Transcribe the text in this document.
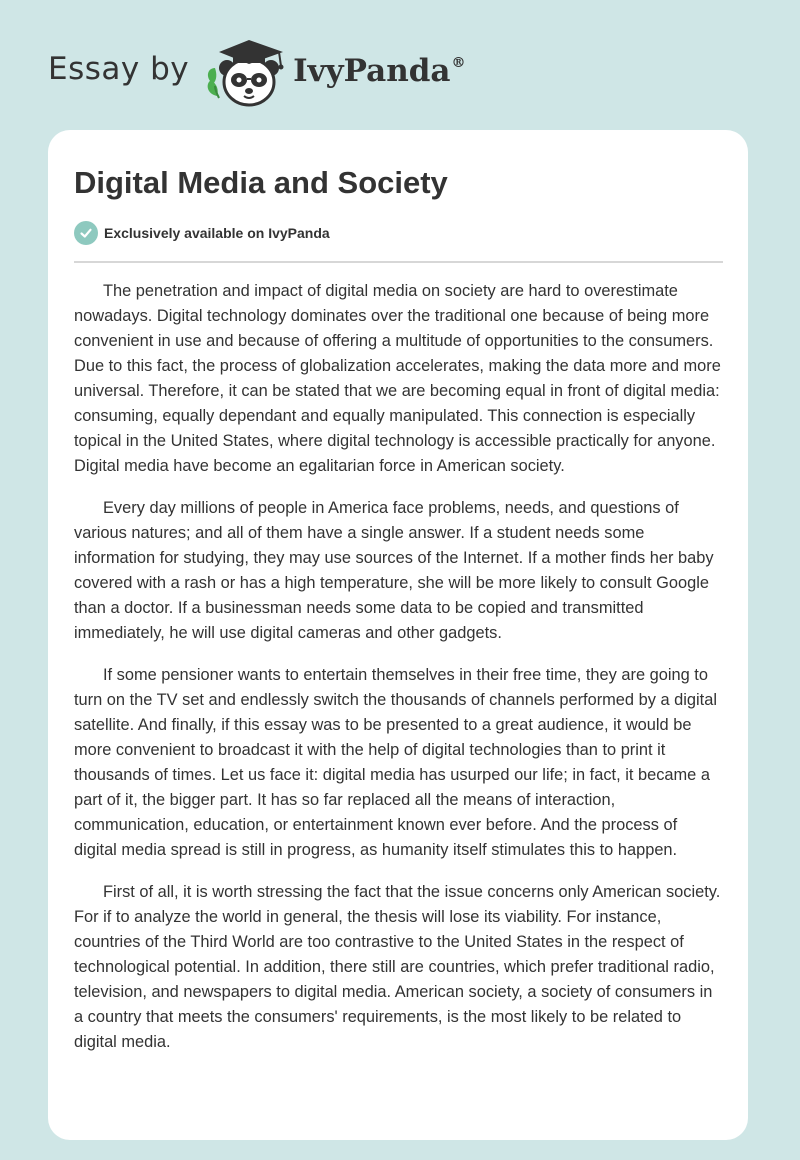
Essay by	IvyPanda®
Digital Media and Society
Exclusively available on IvyPanda

The penetration and impact of digital media on society are hard to overestimate nowadays. Digital technology dominates over the traditional one because of being more convenient in use and because of offering a multitude of opportunities to the consumers. Due to this fact, the process of globalization accelerates, making the data more and more universal. Therefore, it can be stated that we are becoming equal in front of digital media: consuming, equally dependant and equally manipulated. This connection is especially topical in the United States, where digital technology is accessible practically for anyone. Digital media have become an egalitarian force in American society.

Every day millions of people in America face problems, needs, and questions of various natures; and all of them have a single answer. If a student needs some information for studying, they may use sources of the Internet. If a mother finds her baby covered with a rash or has a high temperature, she will be more likely to consult Google than a doctor. If a businessman needs some data to be copied and transmitted immediately, he will use digital cameras and other gadgets.

If some pensioner wants to entertain themselves in their free time, they are going to turn on the TV set and endlessly switch the thousands of channels performed by a digital satellite. And finally, if this essay was to be presented to a great audience, it would be more convenient to broadcast it with the help of digital technologies than to print it thousands of times. Let us face it: digital media has usurped our life; in fact, it became a part of it, the bigger part. It has so far replaced all the means of interaction, communication, education, or entertainment known ever before. And the process of digital media spread is still in progress, as humanity itself stimulates this to happen.

First of all, it is worth stressing the fact that the issue concerns only American society. For if to analyze the world in general, the thesis will lose its viability. For instance, countries of the Third World are too contrastive to the United States in the respect of technological potential. In addition, there still are countries, which prefer traditional radio, television, and newspapers to digital media. American society, a society of consumers in a country that meets the consumers' requirements, is the most likely to be related to digital media.
